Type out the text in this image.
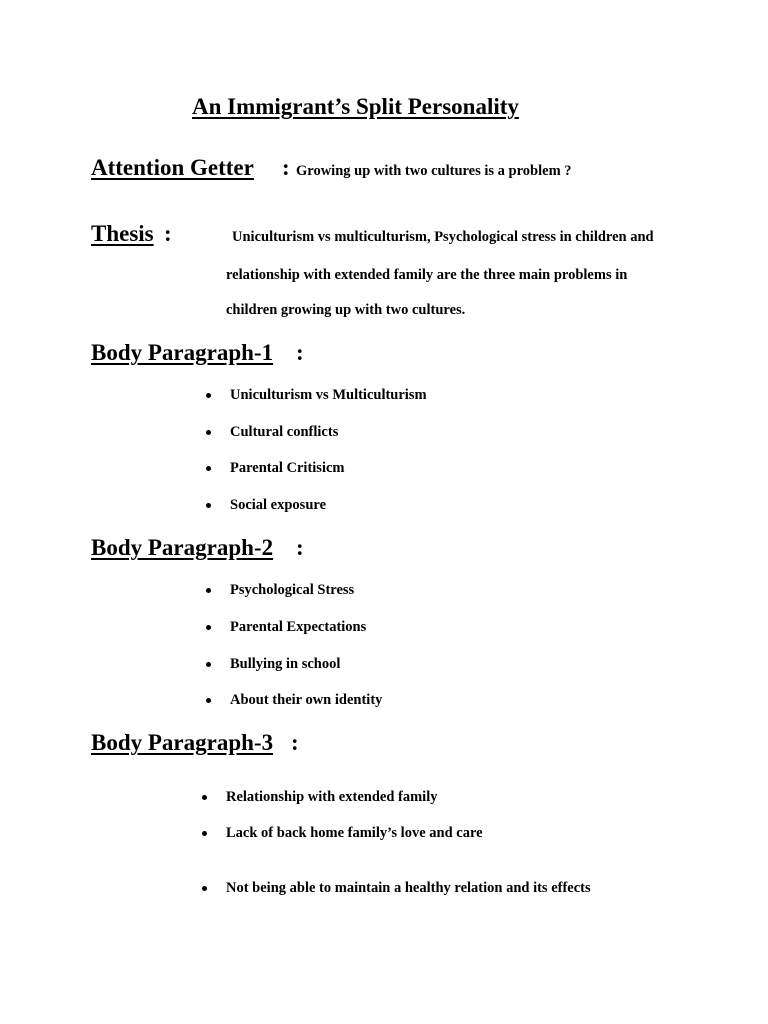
An Immigrant’s Split Personality
Attention Getter : Growing up with two cultures is a problem ?
Thesis :	Uniculturism vs multiculturism, Psychological stress in children and
relationship with extended family are the three main problems in
children growing up with two cultures.
Body Paragraph-1 :
Uniculturism vs Multiculturism
Cultural conflicts
Parental Critisicm
Social exposure
Body Paragraph-2 :
Psychological Stress
Parental Expectations
Bullying in school
About their own identity
Body Paragraph-3 :
Relationship with extended family
Lack of back home family’s love and care
Not being able to maintain a healthy relation and its effects
